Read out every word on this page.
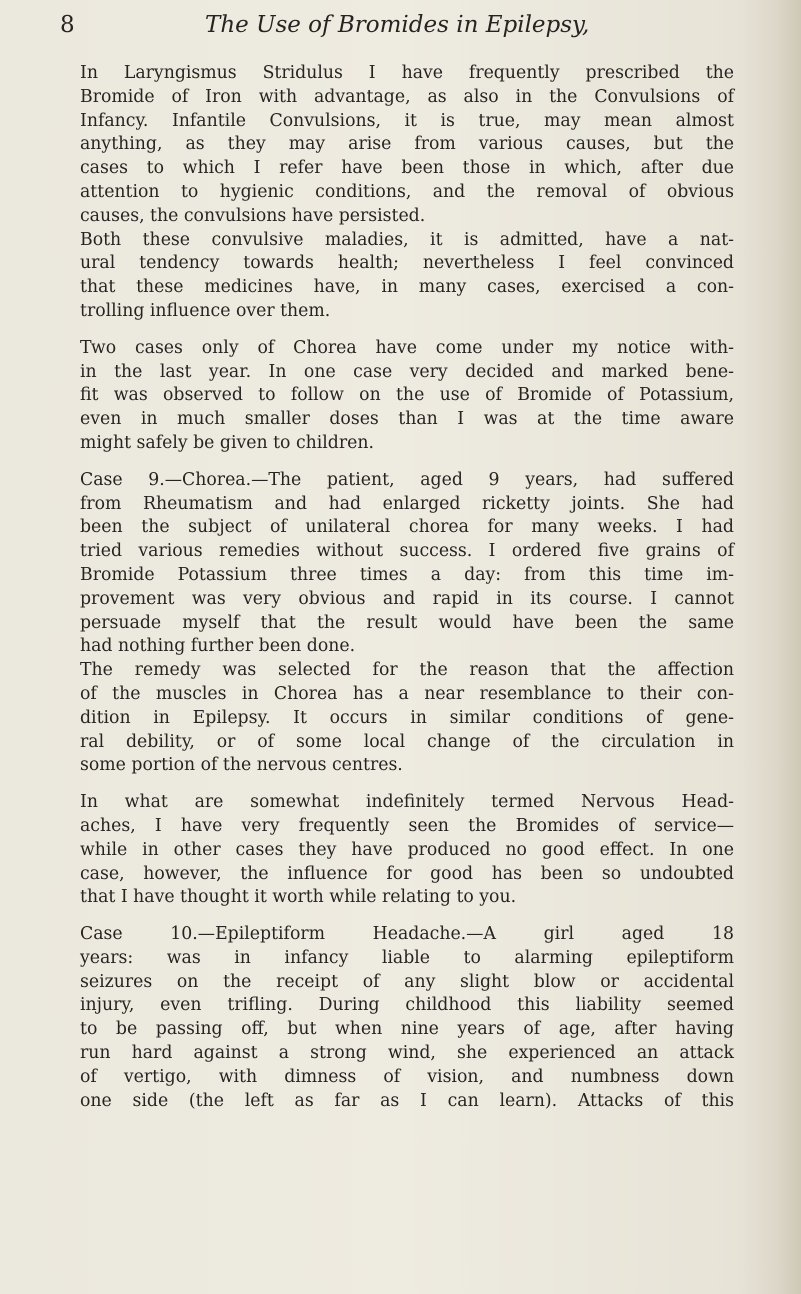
8	The Use of Bromides in Epilepsy,
In Laryngismus Stridulus I have frequently prescribed the
Bromide of Iron with advantage, as also in the Convulsions of
Infancy. Infantile Convulsions, it is true, may mean almost
anything, as they may arise from various causes, but the
cases to which I refer have been those in which, after due
attention to hygienic conditions, and the removal of obvious
causes, the convulsions have persisted.
Both these convulsive maladies, it is admitted, have a nat-
ural tendency towards health; nevertheless I feel convinced
that these medicines have, in many cases, exercised a con-
trolling influence over them.
Two cases only of Chorea have come under my notice with-
in the last year. In one case very decided and marked bene-
fit was observed to follow on the use of Bromide of Potassium,
even in much smaller doses than I was at the time aware
might safely be given to children.
Case 9.—Chorea.—The patient, aged 9 years, had suffered
from Rheumatism and had enlarged ricketty joints. She had
been the subject of unilateral chorea for many weeks. I had
tried various remedies without success. I ordered five grains of
Bromide Potassium three times a day: from this time im-
provement was very obvious and rapid in its course. I cannot
persuade myself that the result would have been the same
had nothing further been done.
The remedy was selected for the reason that the affection
of the muscles in Chorea has a near resemblance to their con-
dition in Epilepsy. It occurs in similar conditions of gene-
ral debility, or of some local change of the circulation in
some portion of the nervous centres.
In what are somewhat indefinitely termed Nervous Head-
aches, I have very frequently seen the Bromides of service—
while in other cases they have produced no good effect. In one
case, however, the influence for good has been so undoubted
that I have thought it worth while relating to you.
Case 10.—Epileptiform Headache.—A girl aged 18
years: was in infancy liable to alarming epileptiform
seizures on the receipt of any slight blow or accidental
injury, even trifling. During childhood this liability seemed
to be passing off, but when nine years of age, after having
run hard against a strong wind, she experienced an attack
of vertigo, with dimness of vision, and numbness down
one side (the left as far as I can learn). Attacks of this
